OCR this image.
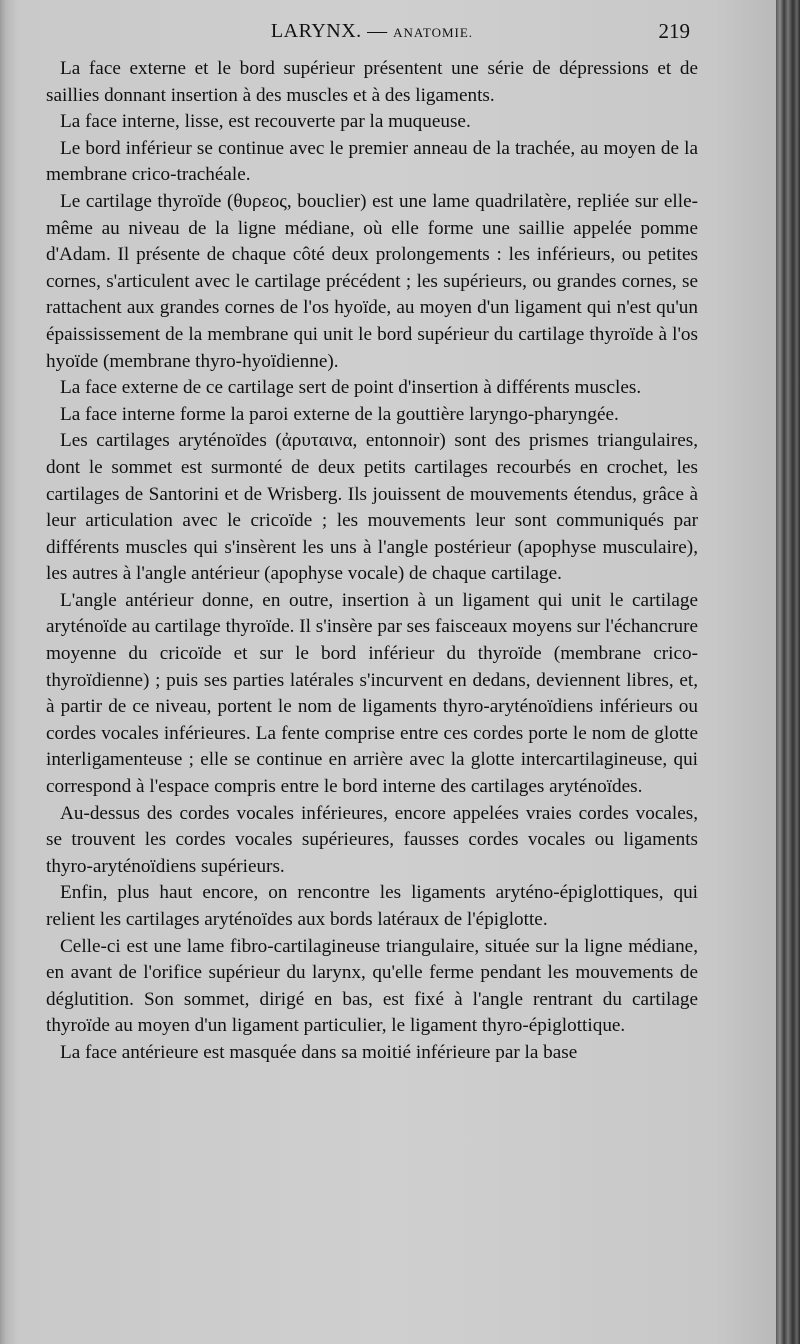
LARYNX. — ANATOMIE.	219

La face externe et le bord supérieur présentent une série de dépressions et de saillies donnant insertion à des muscles et à des ligaments.

La face interne, lisse, est recouverte par la muqueuse.

Le bord inférieur se continue avec le premier anneau de la trachée, au moyen de la membrane crico-trachéale.

Le cartilage thyroïde (θυρεος, bouclier) est une lame quadrilatère, repliée sur elle-même au niveau de la ligne médiane, où elle forme une saillie appelée pomme d'Adam. Il présente de chaque côté deux prolongements : les inférieurs, ou petites cornes, s'articulent avec le cartilage précédent ; les supérieurs, ou grandes cornes, se rattachent aux grandes cornes de l'os hyoïde, au moyen d'un ligament qui n'est qu'un épaississement de la membrane qui unit le bord supérieur du cartilage thyroïde à l'os hyoïde (membrane thyro-hyoïdienne).

La face externe de ce cartilage sert de point d'insertion à différents muscles.

La face interne forme la paroi externe de la gouttière laryngo-pharyngée.

Les cartilages aryténoïdes (ἀρυταινα, entonnoir) sont des prismes triangulaires, dont le sommet est surmonté de deux petits cartilages recourbés en crochet, les cartilages de Santorini et de Wrisberg. Ils jouissent de mouvements étendus, grâce à leur articulation avec le cricoïde ; les mouvements leur sont communiqués par différents muscles qui s'insèrent les uns à l'angle postérieur (apophyse musculaire), les autres à l'angle antérieur (apophyse vocale) de chaque cartilage.

L'angle antérieur donne, en outre, insertion à un ligament qui unit le cartilage aryténoïde au cartilage thyroïde. Il s'insère par ses faisceaux moyens sur l'échancrure moyenne du cricoïde et sur le bord inférieur du thyroïde (membrane crico-thyroïdienne) ; puis ses parties latérales s'incurvent en dedans, deviennent libres, et, à partir de ce niveau, portent le nom de ligaments thyro-aryténoïdiens inférieurs ou cordes vocales inférieures. La fente comprise entre ces cordes porte le nom de glotte interligamenteuse ; elle se continue en arrière avec la glotte intercartilagineuse, qui correspond à l'espace compris entre le bord interne des cartilages aryténoïdes.

Au-dessus des cordes vocales inférieures, encore appelées vraies cordes vocales, se trouvent les cordes vocales supérieures, fausses cordes vocales ou ligaments thyro-aryténoïdiens supérieurs.

Enfin, plus haut encore, on rencontre les ligaments aryténo-épiglottiques, qui relient les cartilages aryténoïdes aux bords latéraux de l'épiglotte.

Celle-ci est une lame fibro-cartilagineuse triangulaire, située sur la ligne médiane, en avant de l'orifice supérieur du larynx, qu'elle ferme pendant les mouvements de déglutition. Son sommet, dirigé en bas, est fixé à l'angle rentrant du cartilage thyroïde au moyen d'un ligament particulier, le ligament thyro-épiglottique.

La face antérieure est masquée dans sa moitié inférieure par la base
